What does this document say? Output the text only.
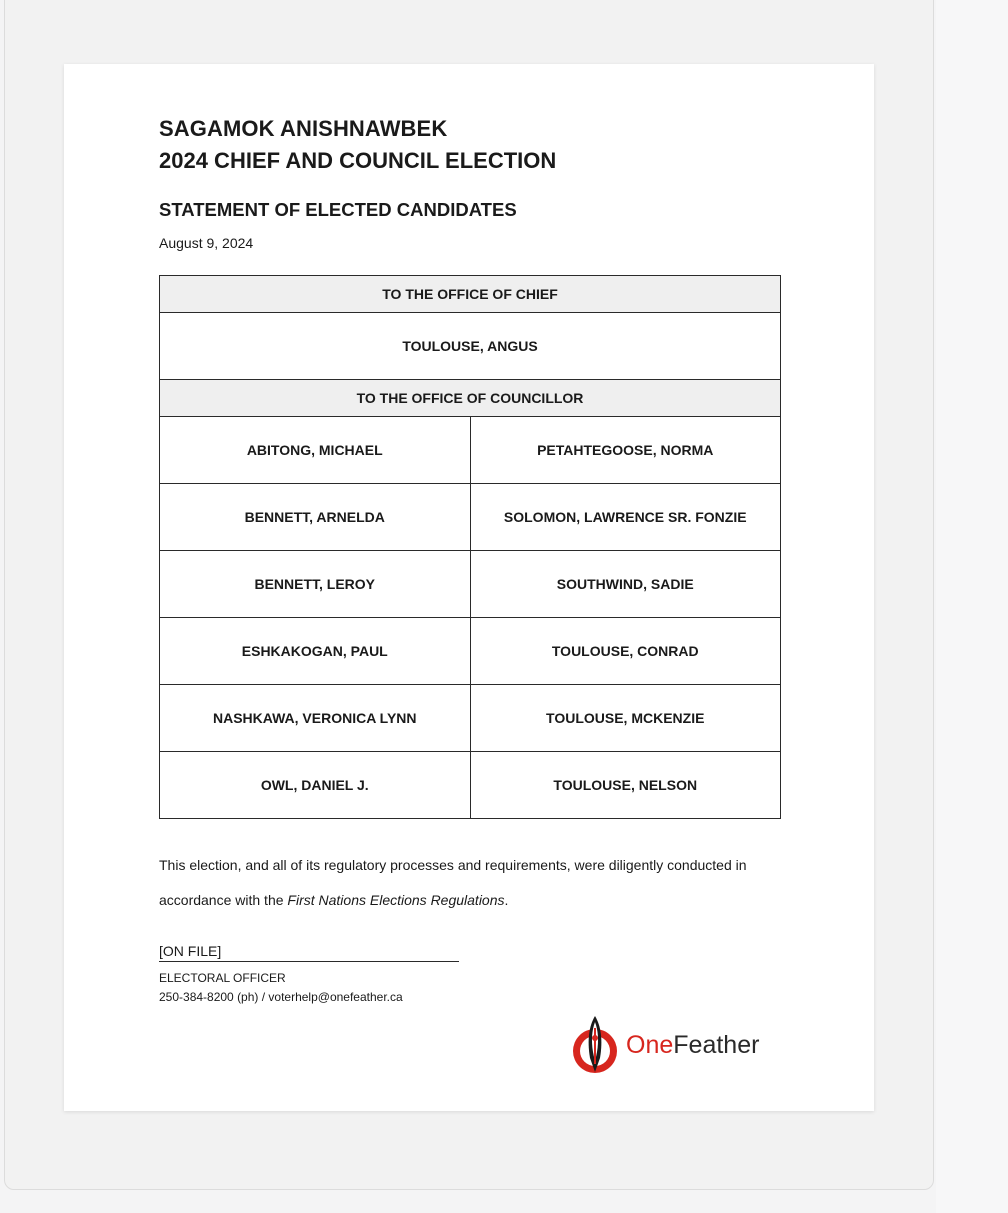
SAGAMOK ANISHNAWBEK
2024 CHIEF AND COUNCIL ELECTION
STATEMENT OF ELECTED CANDIDATES
August 9, 2024
TO THE OFFICE OF CHIEF	
TOULOUSE, ANGUS	
TO THE OFFICE OF COUNCILLOR	
ABITONG, MICHAEL	PETAHTEGOOSE, NORMA
BENNETT, ARNELDA	SOLOMON, LAWRENCE SR. FONZIE
BENNETT, LEROY	SOUTHWIND, SADIE
ESHKAKOGAN, PAUL	TOULOUSE, CONRAD
NASHKAWA, VERONICA LYNN	TOULOUSE, MCKENZIE
OWL, DANIEL J.	TOULOUSE, NELSON

This election, and all of its regulatory processes and requirements, were diligently conducted in accordance with the First Nations Elections Regulations.

[ON FILE]
ELECTORAL OFFICER
250-384-8200 (ph) / voterhelp@onefeather.ca
OneFeather
